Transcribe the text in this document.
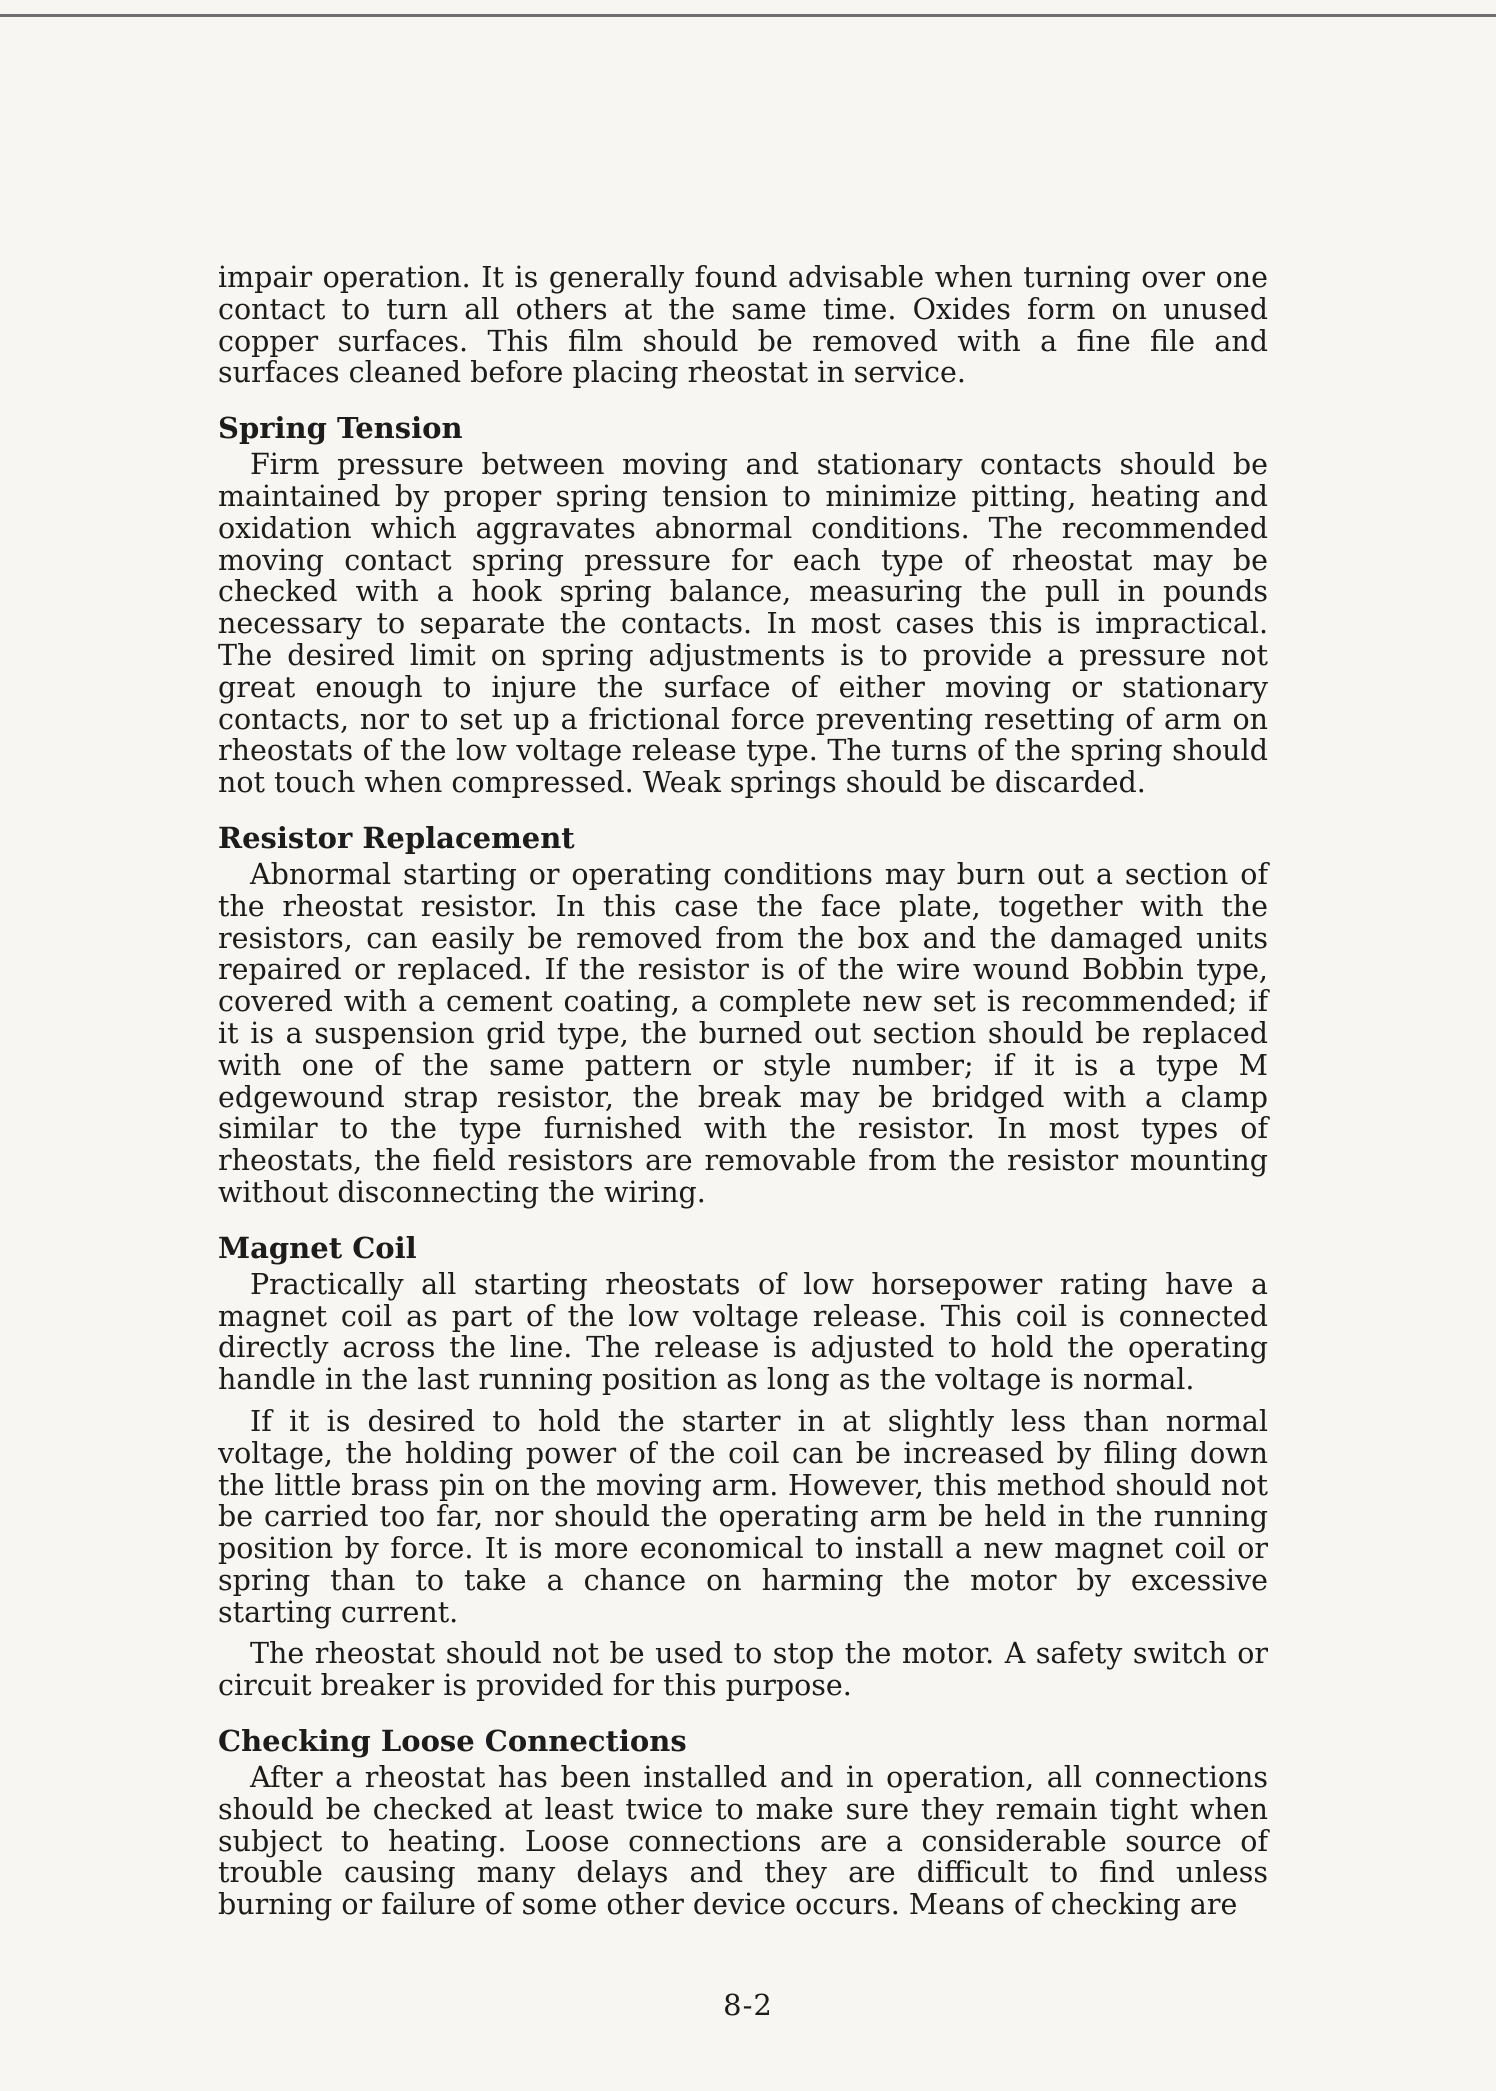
impair operation. It is generally found advisable when turning over one contact to turn all others at the same time. Oxides form on unused copper surfaces. This film should be removed with a fine file and surfaces cleaned before placing rheostat in service.

Spring Tension

Firm pressure between moving and stationary contacts should be maintained by proper spring tension to minimize pitting, heating and oxidation which aggravates abnormal conditions. The recommended moving contact spring pressure for each type of rheostat may be checked with a hook spring balance, measuring the pull in pounds necessary to separate the contacts. In most cases this is impractical. The desired limit on spring adjustments is to provide a pressure not great enough to injure the surface of either moving or stationary contacts, nor to set up a frictional force preventing resetting of arm on rheostats of the low voltage release type. The turns of the spring should not touch when compressed. Weak springs should be discarded.

Resistor Replacement

Abnormal starting or operating conditions may burn out a section of the rheostat resistor. In this case the face plate, together with the resistors, can easily be removed from the box and the damaged units repaired or replaced. If the resistor is of the wire wound Bobbin type, covered with a cement coating, a complete new set is recommended; if it is a suspension grid type, the burned out section should be replaced with one of the same pattern or style number; if it is a type M edgewound strap resistor, the break may be bridged with a clamp similar to the type furnished with the resistor. In most types of rheostats, the field resistors are removable from the resistor mounting without disconnecting the wiring.

Magnet Coil

Practically all starting rheostats of low horsepower rating have a magnet coil as part of the low voltage release. This coil is connected directly across the line. The release is adjusted to hold the operating handle in the last running position as long as the voltage is normal.

If it is desired to hold the starter in at slightly less than normal voltage, the holding power of the coil can be increased by filing down the little brass pin on the moving arm. However, this method should not be carried too far, nor should the operating arm be held in the running position by force. It is more economical to install a new magnet coil or spring than to take a chance on harming the motor by excessive starting current.

The rheostat should not be used to stop the motor. A safety switch or circuit breaker is provided for this purpose.

Checking Loose Connections

After a rheostat has been installed and in operation, all connections should be checked at least twice to make sure they remain tight when subject to heating. Loose connections are a considerable source of trouble causing many delays and they are difficult to find unless burning or failure of some other device occurs. Means of checking are

8-2
